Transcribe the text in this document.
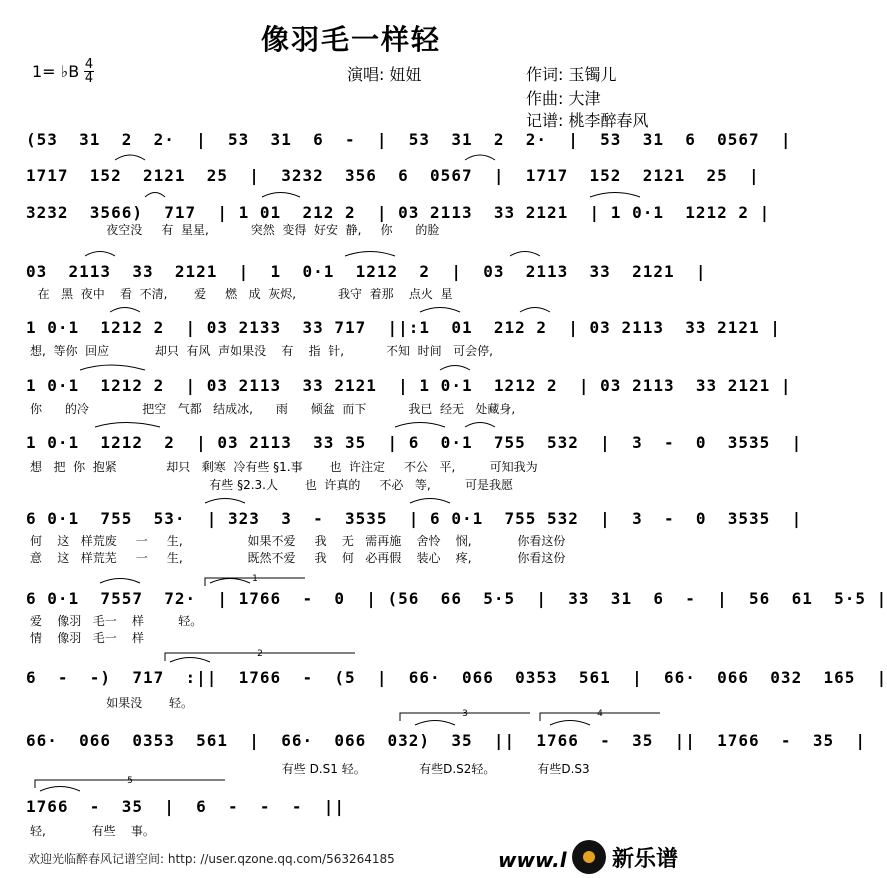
像羽毛一样轻
1= ♭B 4
4	演唱: 妞妞	作词: 玉镯儿
作曲: 大津
记谱: 桃李醉春风
(53  31  2  2·  |  53  31  6  -  |  53  31  2  2·  |  53  31  6  0567  |
1717  152  2121  25  |  3232  356  6  0567  |  1717  152  2121  25  |
3232  3566)  717  | 1 01  212 2  | 03 2113  33 2121  | 1 0·1  1212 2 |
夜空没     有  星星,           突然  变得  好安  静,     你      的脸
03  2113  33  2121  |  1  0·1  1212  2  |  03  2113  33  2121  |
在   黑  夜中    看  不清,       爱     燃   成  灰烬,           我守  着那    点火  星
1 0·1  1212 2  | 03 2133  33 717  ||:1  01  212 2  | 03 2113  33 2121 |
想,  等你  回应            却只  有风  声如果没    有    指  针,           不知  时间   可会停,
1 0·1  1212 2  | 03 2113  33 2121  | 1 0·1  1212 2  | 03 2113  33 2121 |
你      的冷              把空   气都   结成冰,      雨      倾盆  而下           我已  经无   处藏身,
1 0·1  1212  2  | 03 2113  33 35  | 6  0·1  755  532  |  3  -  0  3535  |
想   把  你  抱紧             却只   剩寒  冷有些 §1.事       也  许注定     不公   平,         可知我为
有些 §2.3.人       也  许真的     不必   等,         可是我愿
6 0·1  755  53·  | 323  3  -  3535  | 6 0·1  755 532  |  3  -  0  3535  |
何    这   样荒废     一     生,                 如果不爱     我    无   需再施    舍怜    悯,            你看这份
意    这   样荒芜     一     生,                 既然不爱     我    何   必再假    装心    疼,            你看这份
6 0·1  7557  72·  | 1766  -  0  | (56  66  5·5  |  33  31  6  -  |  56  61  5·5 |
爱    像羽   毛一    样         轻。
情    像羽   毛一    样
6  -  -)  717  :||  1766  -  (5  |  66·  066  0353  561  |  66·  066  032  165  |
如果没       轻。
66·  066  0353  561  |  66·  066  032)  35  ||  1766  -  35  ||  1766  -  35  |
有些 D.S1 轻。              有些D.S2轻。           有些D.S3
1766  -  35  |  6  -  -  -  ||
轻,            有些    事。
1
2
3	4
5
欢迎光临醉春风记谱空间: http: //user.qzone.qq.com/563264185	www.l 新乐谱
